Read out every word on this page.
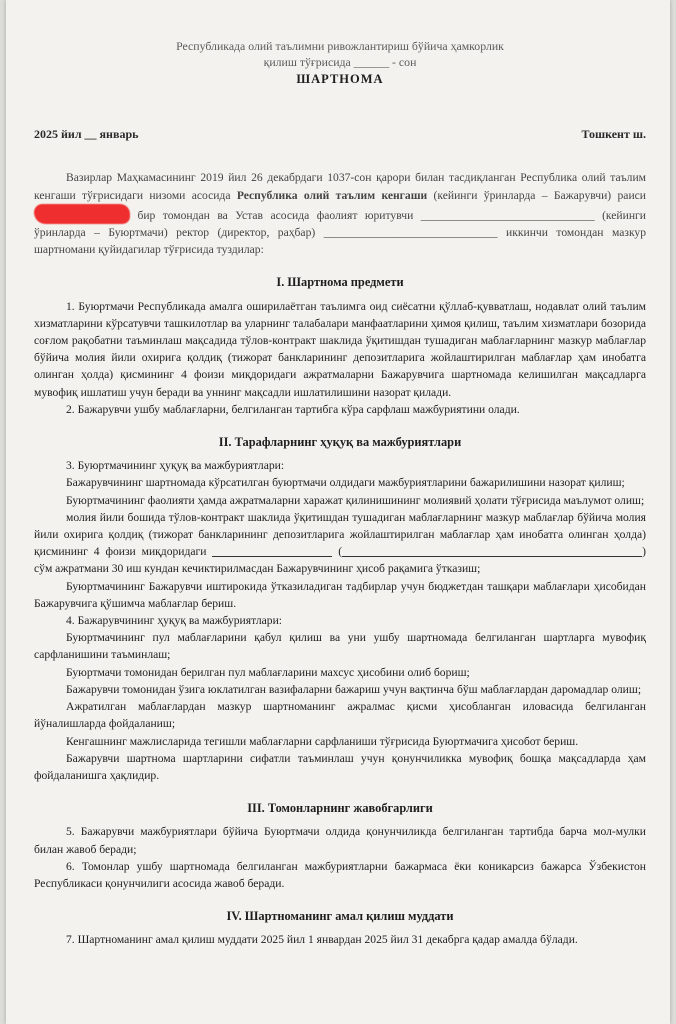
Республикада олий таълимни ривожлантириш бўйича ҳамкорлик
қилиш тўғрисида ______ - сон
ШАРТНОМА
2025 йил __ январь	Тошкент ш.

Вазирлар Маҳкамасининг 2019 йил 26 декабрдаги 1037-сон қарори билан тасдиқланган Республика олий таълим кенгаши тўғрисидаги низоми асосида Республика олий таълим кенгаши (кейинги ўринларда – Бажарувчи) раиси  бир томондан ва Устав асосида фаолият юритувчи ______________________________ (кейинги ўринларда – Буюртмачи) ректор (директор, раҳбар) ______________________________ иккинчи томондан мазкур шартномани қуйидагилар тўғрисида туздилар:

I. Шартнома предмети

1. Буюртмачи Республикада амалга оширилаётган таълимга оид сиёсатни қўллаб-қувватлаш, нодавлат олий таълим хизматларини кўрсатувчи ташкилотлар ва уларнинг талабалари манфаатларини ҳимоя қилиш, таълим хизматлари бозорида соғлом рақобатни таъминлаш мақсадида тўлов-контракт шаклида ўқитишдан тушадиган маблағларнинг мазкур маблағлар бўйича молия йили охирига қолдиқ (тижорат банкларининг депозитларига жойлаштирилган маблағлар ҳам инобатга олинган ҳолда) қисмининг 4 фоизи миқдоридаги ажратмаларни Бажарувчига шартномада келишилган мақсадларга мувофиқ ишлатиш учун беради ва уннинг мақсадли ишлатилишини назорат қилади.

2. Бажарувчи ушбу маблағларни, белгиланган тартибга кўра сарфлаш мажбуриятини олади.

II. Тарафларнинг ҳуқуқ ва мажбуриятлари

3. Буюртмачининг ҳуқуқ ва мажбуриятлари:

Бажарувчининг шартномада кўрсатилган буюртмачи олдидаги мажбуриятларини бажарилишини назорат қилиш;

Буюртмачининг фаолияти ҳамда ажратмаларни харажат қилинишининг молиявий ҳолати тўғрисида маълумот олиш;

молия йили бошида тўлов-контракт шаклида ўқитишдан тушадиган маблағларнинг мазкур маблағлар бўйича молия йили охирига қолдиқ (тижорат банкларининг депозитларига жойлаштирилган маблағлар ҳам инобатга олинган ҳолда) қисмининг 4 фоизи миқдоридаги	(	) сўм ажратмани 30 иш кундан кечиктирилмасдан Бажарувчининг ҳисоб рақамига ўтказиш;

Буюртмачининг Бажарувчи иштирокида ўтказиладиган тадбирлар учун бюджетдан ташқари маблағлари ҳисобидан Бажарувчига қўшимча маблағлар бериш.

4. Бажарувчининг ҳуқуқ ва мажбуриятлари:

Буюртмачининг пул маблағларини қабул қилиш ва уни ушбу шартномада белгиланган шартларга мувофиқ сарфланишини таъминлаш;

Буюртмачи томонидан берилган пул маблағларини махсус ҳисобини олиб бориш;

Бажарувчи томонидан ўзига юклатилган вазифаларни бажариш учун вақтинча бўш маблағлардан даромадлар олиш;

Ажратилган маблағлардан мазкур шартноманинг ажралмас қисми ҳисобланган иловасида белгиланган йўналишларда фойдаланиш;

Кенгашнинг мажлисларида тегишли маблағларни сарфланиши тўғрисида Буюртмачига ҳисобот бериш.

Бажарувчи шартнома шартларини сифатли таъминлаш учун қонунчиликка мувофиқ бошқа мақсадларда ҳам фойдаланишга ҳақлидир.

III. Томонларнинг жавобгарлиги

5. Бажарувчи мажбуриятлари бўйича Буюртмачи олдида қонунчиликда белгиланган тартибда барча мол-мулки билан жавоб беради;

6. Томонлар ушбу шартномада белгиланган мажбуриятларни бажармаса ёки коникарсиз бажарса Ўзбекистон Республикаси қонунчилиги асосида жавоб беради.

IV. Шартноманинг амал қилиш муддати

7. Шартноманинг амал қилиш муддати 2025 йил 1 январдан 2025 йил 31 декабрга қадар амалда бўлади.
